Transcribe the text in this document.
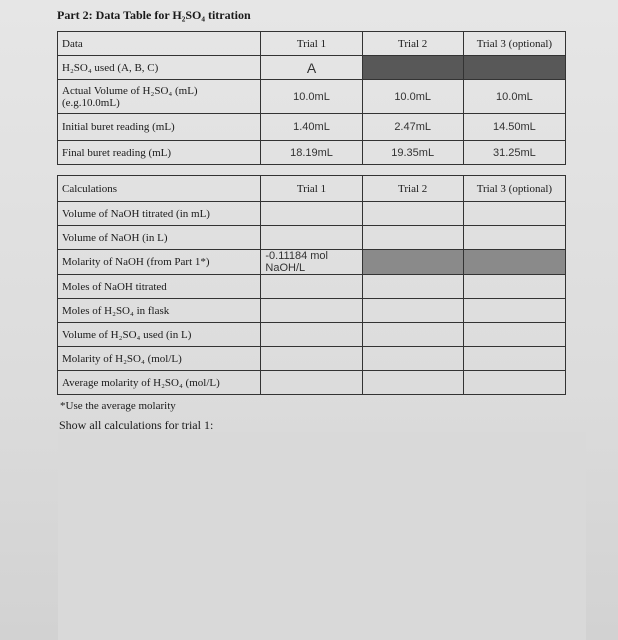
Part 2: Data Table for H₂SO₄ titration
Data	Trial 1	Trial 2	Trial 3 (optional)
H₂SO₄ used (A, B, C)	A		

Actual Volume of H₂SO₄ (mL)
(e.g.10.0mL)	10.0mL	10.0mL	10.0mL
Initial buret reading (mL)	1.40mL	2.47mL	14.50mL
Final buret reading (mL)	18.19mL	19.35mL	31.25mL
Calculations	Trial 1	Trial 2	Trial 3 (optional)
Volume of NaOH titrated (in mL)			
Volume of NaOH (in L)			
Molarity of NaOH (from Part 1*)	-0.11184 mol NaOH/L		
Moles of NaOH titrated			
Moles of H₂SO₄ in flask			
Volume of H₂SO₄ used (in L)			
Molarity of H₂SO₄ (mol/L)			
Average molarity of H₂SO₄ (mol/L)			
*Use the average molarity
Show all calculations for trial 1:
